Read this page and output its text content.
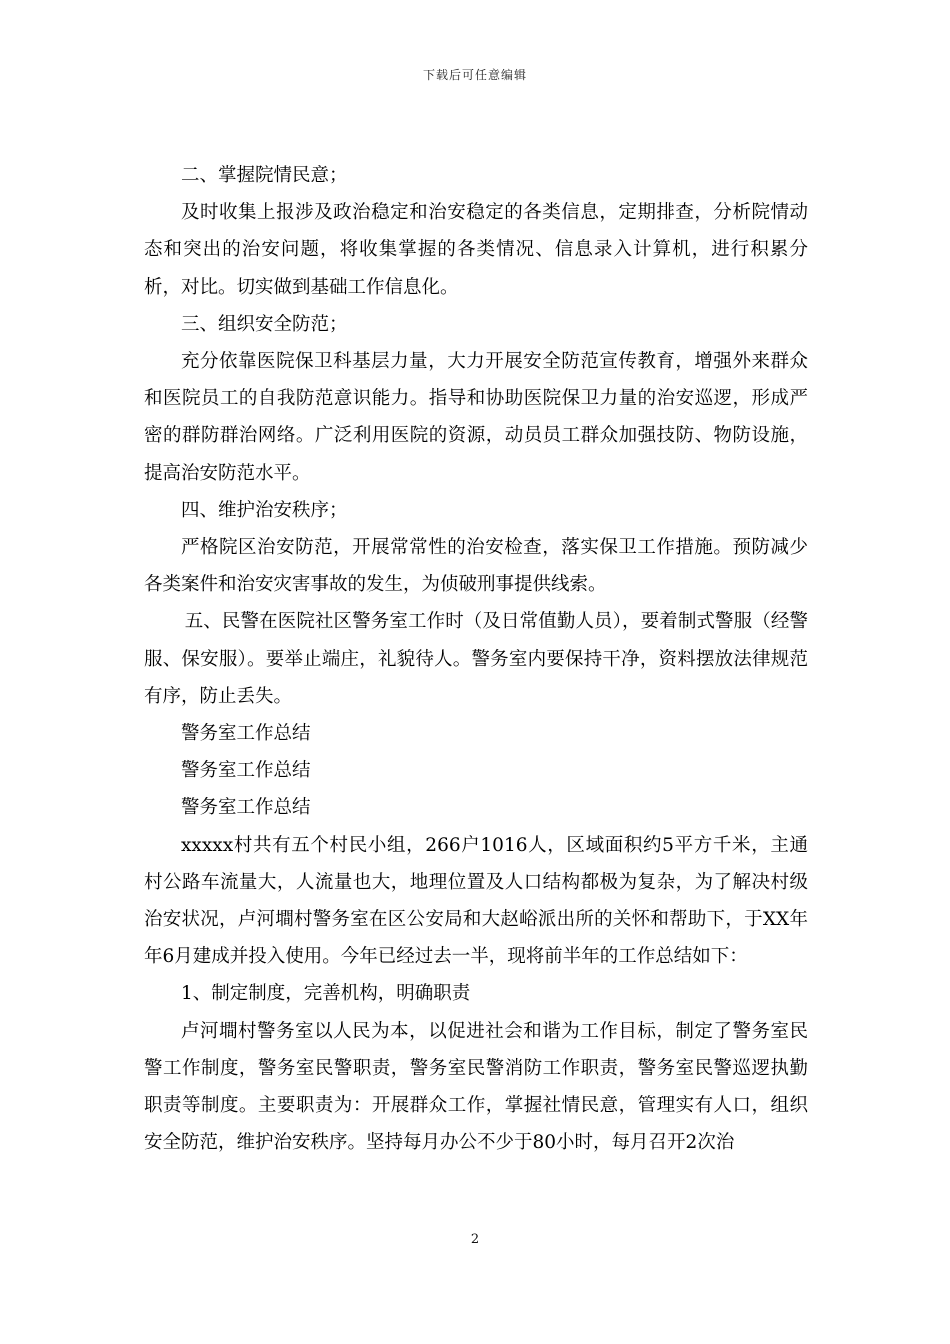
下载后可任意编辑

二、掌握院情民意；

及时收集上报涉及政治稳定和治安稳定的各类信息，定期排查，分析院情动态和突出的治安问题，将收集掌握的各类情况、信息录入计算机，进行积累分析，对比。切实做到基础工作信息化。

三、组织安全防范；

充分依靠医院保卫科基层力量，大力开展安全防范宣传教育，增强外来群众和医院员工的自我防范意识能力。指导和协助医院保卫力量的治安巡逻，形成严密的群防群治网络。广泛利用医院的资源，动员员工群众加强技防、物防设施，提高治安防范水平。

四、维护治安秩序；

严格院区治安防范，开展常常性的治安检查，落实保卫工作措施。预防减少各类案件和治安灾害事故的发生，为侦破刑事提供线索。

五、民警在医院社区警务室工作时（及日常值勤人员），要着制式警服（经警服、保安服）。要举止端庄，礼貌待人。警务室内要保持干净，资料摆放法律规范有序，防止丢失。

警务室工作总结

警务室工作总结

警务室工作总结

xxxxx村共有五个村民小组，266户1016人，区域面积约5平方千米，主通村公路车流量大，人流量也大，地理位置及人口结构都极为复杂，为了解决村级治安状况，卢河墹村警务室在区公安局和大赵峪派出所的关怀和帮助下，于XX年年6月建成并投入使用。今年已经过去一半，现将前半年的工作总结如下：

1、制定制度，完善机构，明确职责

卢河墹村警务室以人民为本，以促进社会和谐为工作目标，制定了警务室民警工作制度，警务室民警职责，警务室民警消防工作职责，警务室民警巡逻执勤职责等制度。主要职责为：开展群众工作，掌握社情民意，管理实有人口，组织安全防范，维护治安秩序。坚持每月办公不少于80小时，每月召开2次治

2
